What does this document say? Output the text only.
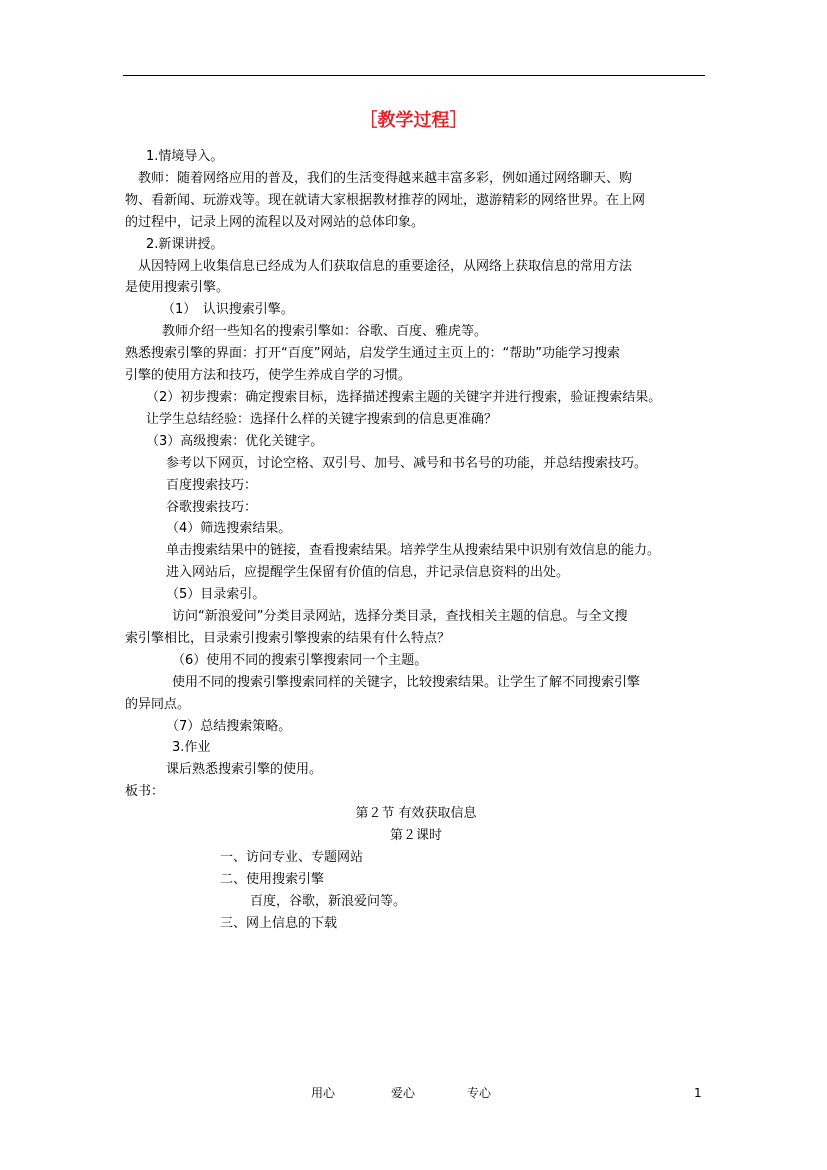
［教学过程］
1.情境导入。
教师：随着网络应用的普及，我们的生活变得越来越丰富多彩，例如通过网络聊天、购
物、看新闻、玩游戏等。现在就请大家根据教材推荐的网址，遨游精彩的网络世界。在上网
的过程中，记录上网的流程以及对网站的总体印象。
2.新课讲授。
从因特网上收集信息已经成为人们获取信息的重要途径，从网络上获取信息的常用方法
是使用搜索引擎。
（1）　认识搜索引擎。
教师介绍一些知名的搜索引擎如：谷歌、百度、雅虎等。
熟悉搜索引擎的界面：打开“百度”网站，启发学生通过主页上的：“帮助”功能学习搜索
引擎的使用方法和技巧，使学生养成自学的习惯。
（2）初步搜索：确定搜索目标，选择描述搜索主题的关键字并进行搜索，验证搜索结果。
让学生总结经验：选择什么样的关键字搜索到的信息更准确？
（3）高级搜索：优化关键字。
参考以下网页，讨论空格、双引号、加号、减号和书名号的功能，并总结搜索技巧。
百度搜索技巧：
谷歌搜索技巧：
（4）筛选搜索结果。
单击搜索结果中的链接，查看搜索结果。培养学生从搜索结果中识别有效信息的能力。
进入网站后，应提醒学生保留有价值的信息，并记录信息资料的出处。
（5）目录索引。
访问“新浪爱问”分类目录网站，选择分类目录，查找相关主题的信息。与全文搜
索引擎相比，目录索引搜索引擎搜索的结果有什么特点？
（6）使用不同的搜索引擎搜索同一个主题。
使用不同的搜索引擎搜索同样的关键字，比较搜索结果。让学生了解不同搜索引擎
的异同点。
（7）总结搜索策略。
3.作业
课后熟悉搜索引擎的使用。
板书：
第２节 有效获取信息
第２课时
一、访问专业、专题网站
二、使用搜索引擎
百度，谷歌，新浪爱问等。
三、网上信息的下载
用心	爱心	专心	1
